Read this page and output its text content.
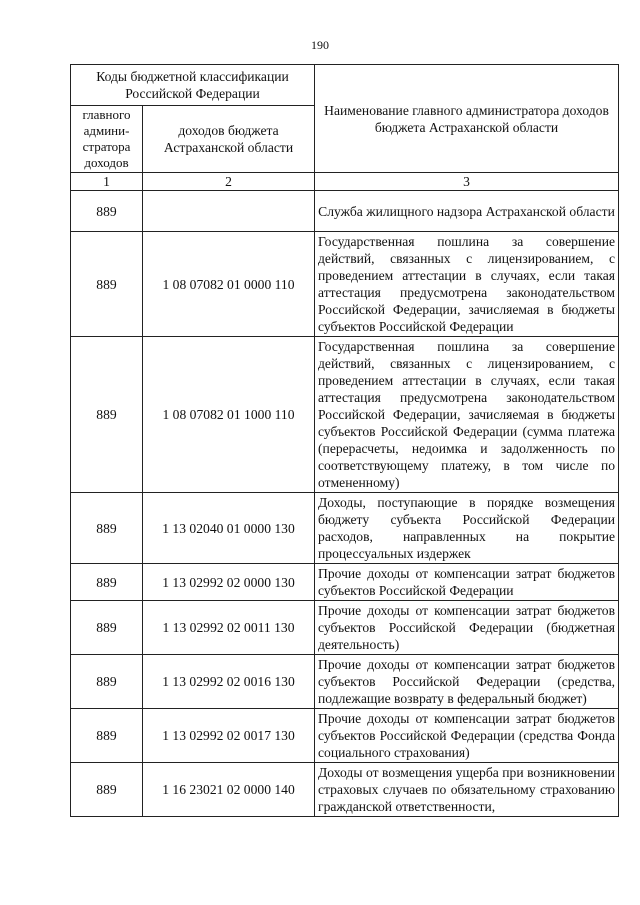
190
Коды бюджетной классификации Российской Федерации		Наименование главного администратора доходов бюджета Астраханской области
главного админи-стратора доходов	доходов бюджета Астраханской области	
1	2	3
889		Служба жилищного надзора Астраханской области
889	1 08 07082 01 0000 110	Государственная пошлина за совершение действий, связанных с лицензированием, с проведением аттестации в случаях, если такая аттестация предусмотрена законодательством Российской Федерации, зачисляемая в бюджеты субъектов Российской Федерации
889	1 08 07082 01 1000 110	Государственная пошлина за совершение действий, связанных с лицензированием, с проведением аттестации в случаях, если такая аттестация предусмотрена законодательством Российской Федерации, зачисляемая в бюджеты субъектов Российской Федерации (сумма платежа (перерасчеты, недоимка и задолженность по соответствующему платежу, в том числе по отмененному)
889	1 13 02040 01 0000 130	Доходы, поступающие в порядке возмещения бюджету субъекта Российской Федерации расходов, направленных на покрытие процессуальных издержек
889	1 13 02992 02 0000 130	Прочие доходы от компенсации затрат бюджетов субъектов Российской Федерации
889	1 13 02992 02 0011 130	Прочие доходы от компенсации затрат бюджетов субъектов Российской Федерации (бюджетная деятельность)
889	1 13 02992 02 0016 130	Прочие доходы от компенсации затрат бюджетов субъектов Российской Федерации (средства, подлежащие возврату в федеральный бюджет)
889	1 13 02992 02 0017 130	Прочие доходы от компенсации затрат бюджетов субъектов Российской Федерации (средства Фонда социального страхования)
889	1 16 23021 02 0000 140	Доходы от возмещения ущерба при возникновении страховых случаев по обязательному страхованию гражданской ответственности,
